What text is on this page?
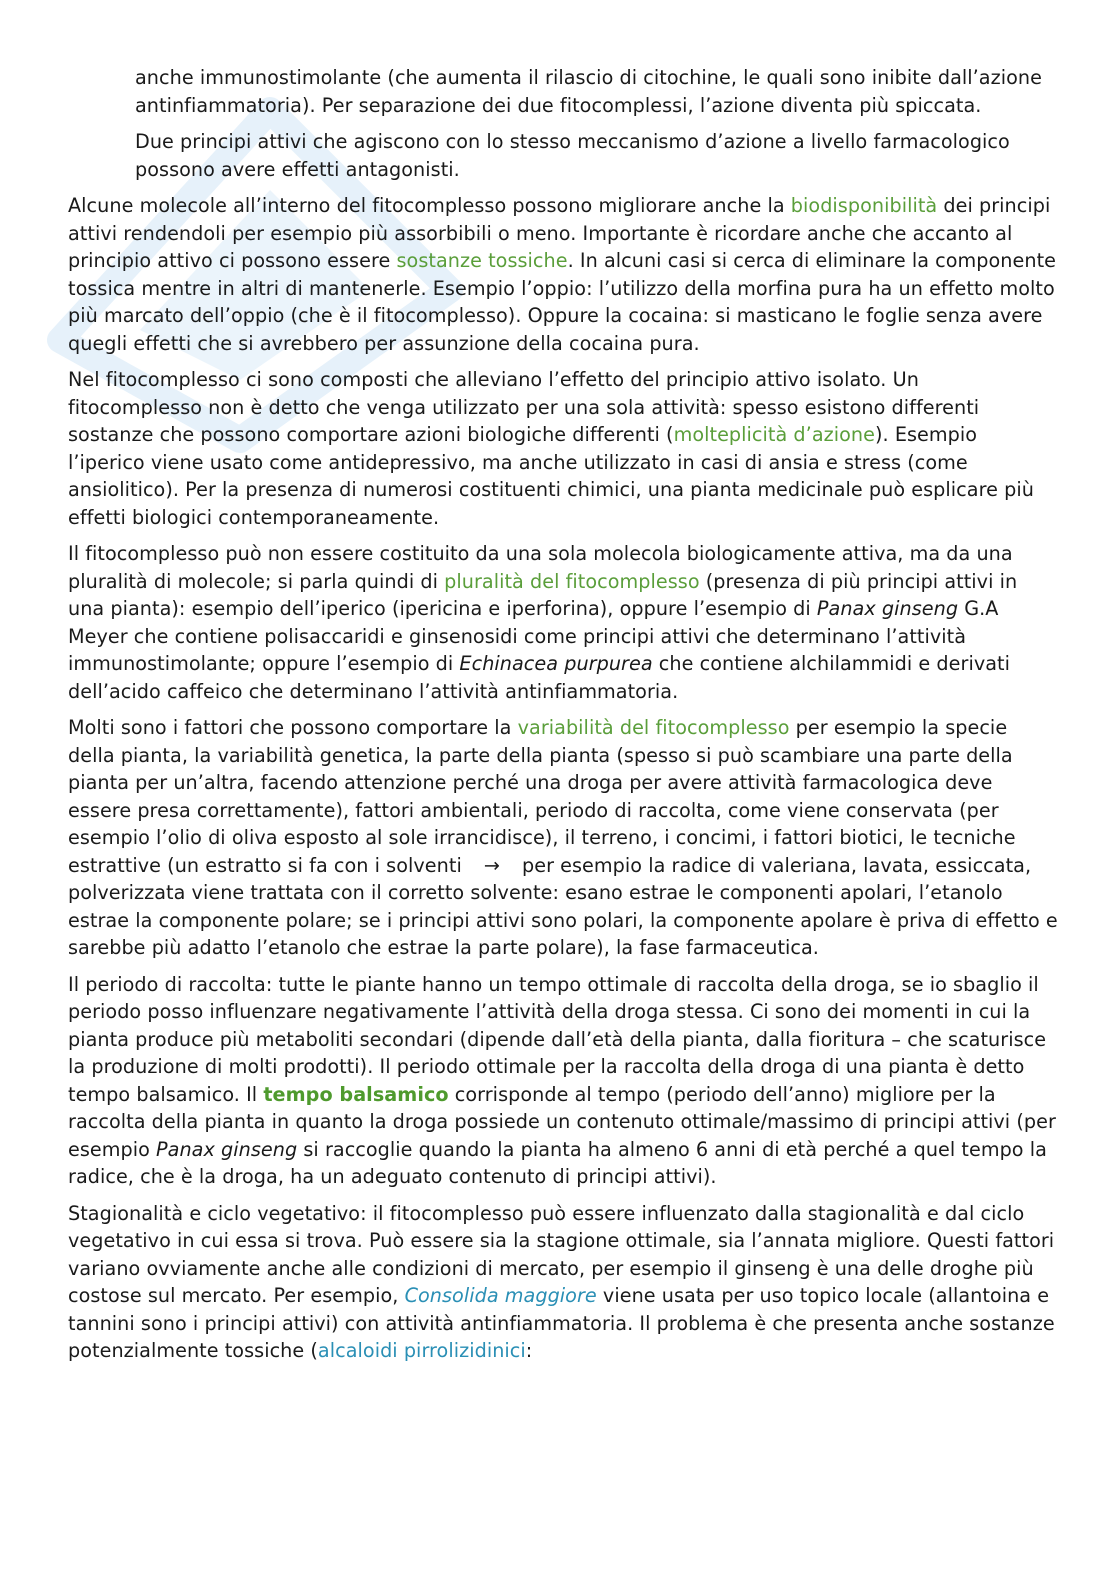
anche immunostimolante (che aumenta il rilascio di citochine, le quali sono inibite dall’azione antinfiammatoria). Per separazione dei due fitocomplessi, l’azione diventa più spiccata.

Due principi attivi che agiscono con lo stesso meccanismo d’azione a livello farmacologico possono avere effetti antagonisti.

Alcune molecole all’interno del fitocomplesso possono migliorare anche la biodisponibilità dei principi attivi rendendoli per esempio più assorbibili o meno. Importante è ricordare anche che accanto al principio attivo ci possono essere sostanze tossiche. In alcuni casi si cerca di eliminare la componente tossica mentre in altri di mantenerle. Esempio l’oppio: l’utilizzo della morfina pura ha un effetto molto più marcato dell’oppio (che è il fitocomplesso). Oppure la cocaina: si masticano le foglie senza avere quegli effetti che si avrebbero per assunzione della cocaina pura.

Nel fitocomplesso ci sono composti che alleviano l’effetto del principio attivo isolato. Un fitocomplesso non è detto che venga utilizzato per una sola attività: spesso esistono differenti sostanze che possono comportare azioni biologiche differenti (molteplicità d’azione). Esempio l’iperico viene usato come antidepressivo, ma anche utilizzato in casi di ansia e stress (come ansiolitico). Per la presenza di numerosi costituenti chimici, una pianta medicinale può esplicare più effetti biologici contemporaneamente.

Il fitocomplesso può non essere costituito da una sola molecola biologicamente attiva, ma da una pluralità di molecole; si parla quindi di pluralità del fitocomplesso (presenza di più principi attivi in una pianta): esempio dell’iperico (ipericina e iperforina), oppure l’esempio di Panax ginseng G.A Meyer che contiene polisaccaridi e ginsenosidi come principi attivi che determinano l’attività immunostimolante; oppure l’esempio di Echinacea purpurea che contiene alchilammidi e derivati dell’acido caffeico che determinano l’attività antinfiammatoria.

Molti sono i fattori che possono comportare la variabilità del fitocomplesso per esempio la specie della pianta, la variabilità genetica, la parte della pianta (spesso si può scambiare una parte della pianta per un’altra, facendo attenzione perché una droga per avere attività farmacologica deve essere presa correttamente), fattori ambientali, periodo di raccolta, come viene conservata (per esempio l’olio di oliva esposto al sole irrancidisce), il terreno, i concimi, i fattori biotici, le tecniche estrattive (un estratto si fa con i solventi → per esempio la radice di valeriana, lavata, essiccata, polverizzata viene trattata con il corretto solvente: esano estrae le componenti apolari, l’etanolo estrae la componente polare; se i principi attivi sono polari, la componente apolare è priva di effetto e sarebbe più adatto l’etanolo che estrae la parte polare), la fase farmaceutica.

Il periodo di raccolta: tutte le piante hanno un tempo ottimale di raccolta della droga, se io sbaglio il periodo posso influenzare negativamente l’attività della droga stessa. Ci sono dei momenti in cui la pianta produce più metaboliti secondari (dipende dall’età della pianta, dalla fioritura – che scaturisce la produzione di molti prodotti). Il periodo ottimale per la raccolta della droga di una pianta è detto tempo balsamico. Il tempo balsamico corrisponde al tempo (periodo dell’anno) migliore per la raccolta della pianta in quanto la droga possiede un contenuto ottimale/massimo di principi attivi (per esempio Panax ginseng si raccoglie quando la pianta ha almeno 6 anni di età perché a quel tempo la radice, che è la droga, ha un adeguato contenuto di principi attivi).

Stagionalità e ciclo vegetativo: il fitocomplesso può essere influenzato dalla stagionalità e dal ciclo vegetativo in cui essa si trova. Può essere sia la stagione ottimale, sia l’annata migliore. Questi fattori variano ovviamente anche alle condizioni di mercato, per esempio il ginseng è una delle droghe più costose sul mercato. Per esempio, Consolida maggiore viene usata per uso topico locale (allantoina e tannini sono i principi attivi) con attività antinfiammatoria. Il problema è che presenta anche sostanze potenzialmente tossiche (alcaloidi pirrolizidinici:
